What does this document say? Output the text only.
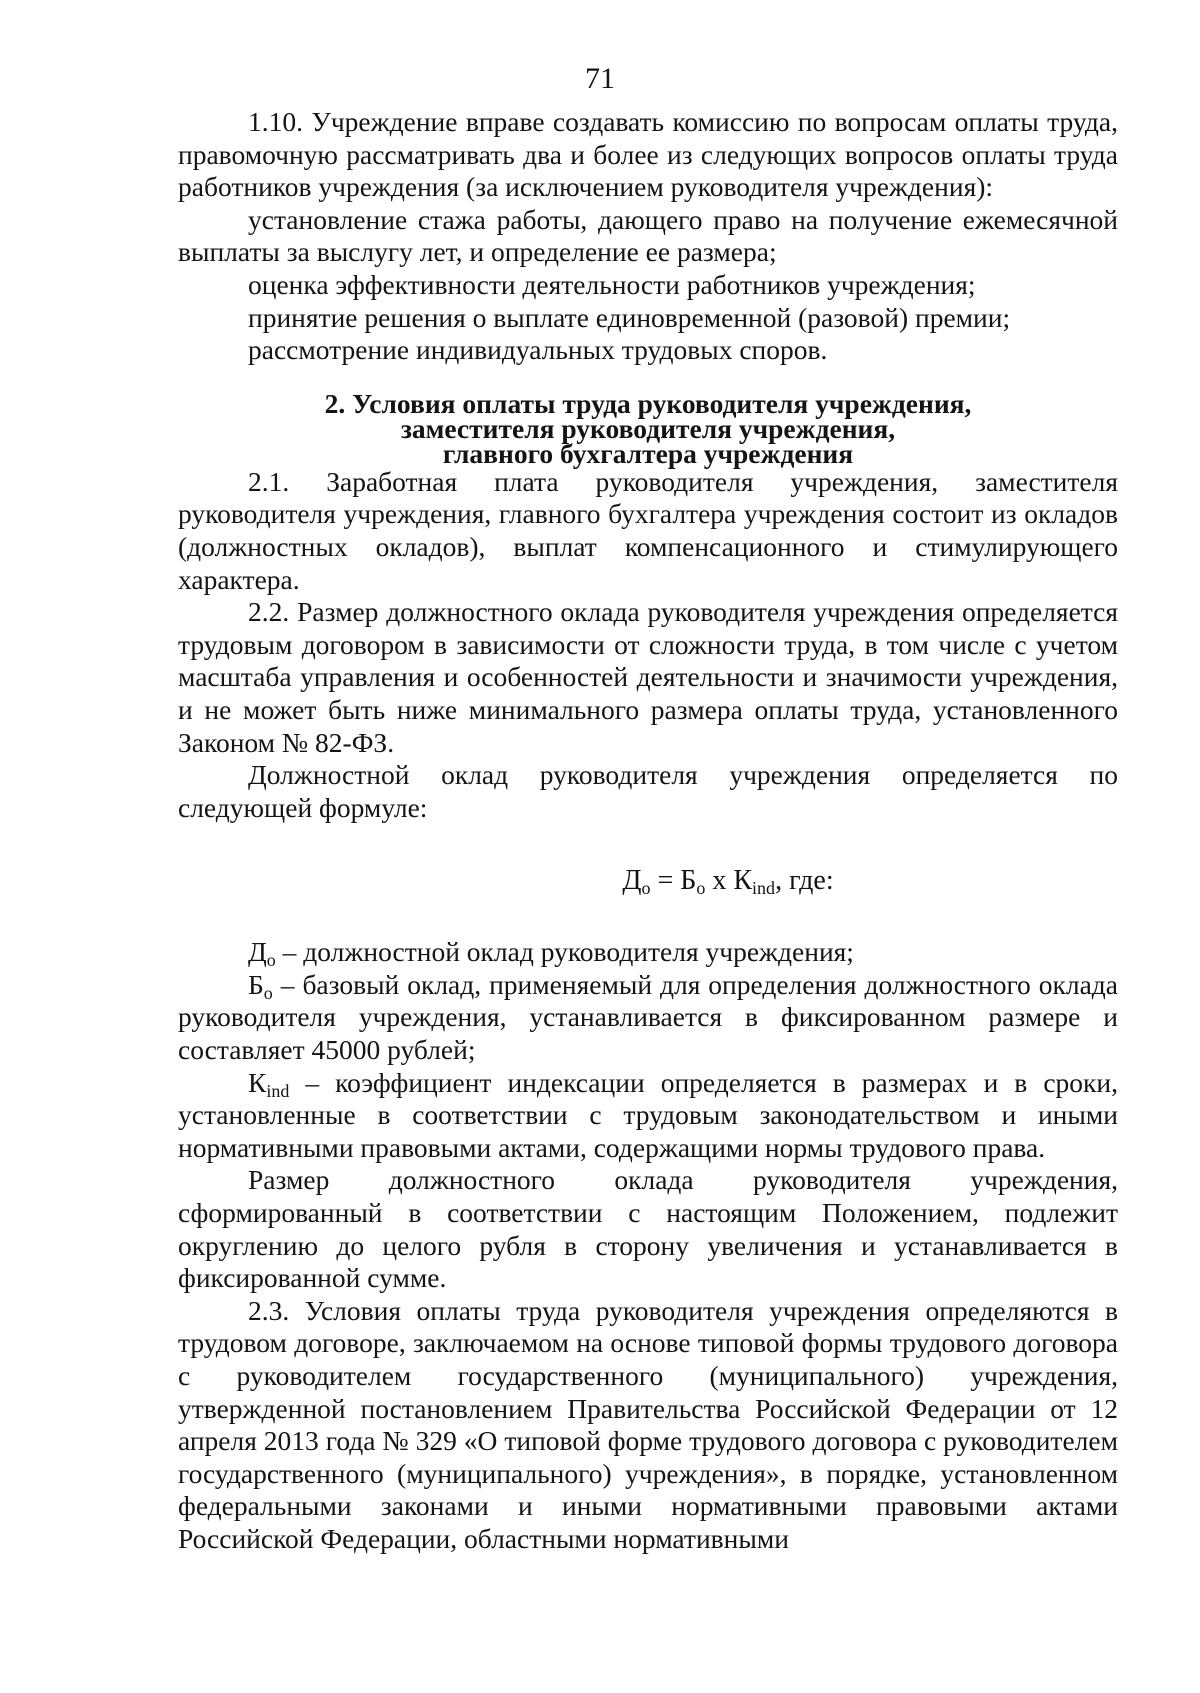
71

1.10. Учреждение вправе создавать комиссию по вопросам оплаты труда, правомочную рассматривать два и более из следующих вопросов оплаты труда работников учреждения (за исключением руководителя учреждения):

установление стажа работы, дающего право на получение ежемесячной выплаты за выслугу лет, и определение ее размера;

оценка эффективности деятельности работников учреждения;

принятие решения о выплате единовременной (разовой) премии;

рассмотрение индивидуальных трудовых споров.

2. Условия оплаты труда руководителя учреждения,
заместителя руководителя учреждения,
главного бухгалтера учреждения

2.1. Заработная плата руководителя учреждения, заместителя руководителя учреждения, главного бухгалтера учреждения состоит из окладов (должностных окладов), выплат компенсационного и стимулирующего характера.

2.2. Размер должностного оклада руководителя учреждения определяется трудовым договором в зависимости от сложности труда, в том числе с учетом масштаба управления и особенностей деятельности и значимости учреждения, и не может быть ниже минимального размера оплаты труда, установленного Законом № 82-ФЗ.

Должностной оклад руководителя учреждения определяется по следующей формуле:

$Д_о = Б_о$ х $К_{ind}$, где:

$Д_о$ – должностной оклад руководителя учреждения;

$Б_о$ – базовый оклад, применяемый для определения должностного оклада руководителя учреждения, устанавливается в фиксированном размере и составляет 45000 рублей;

$К_{ind}$ – коэффициент индексации определяется в размерах и в сроки, установленные в соответствии с трудовым законодательством и иными нормативными правовыми актами, содержащими нормы трудового права.

Размер должностного оклада руководителя учреждения, сформированный в соответствии с настоящим Положением, подлежит округлению до целого рубля в сторону увеличения и устанавливается в фиксированной сумме.

2.3. Условия оплаты труда руководителя учреждения определяются в трудовом договоре, заключаемом на основе типовой формы трудового договора с руководителем государственного (муниципального) учреждения, утвержденной постановлением Правительства Российской Федерации от 12 апреля 2013 года № 329 «О типовой форме трудового договора с руководителем государственного (муниципального) учреждения», в порядке, установленном федеральными законами и иными нормативными правовыми актами Российской Федерации, областными нормативными
